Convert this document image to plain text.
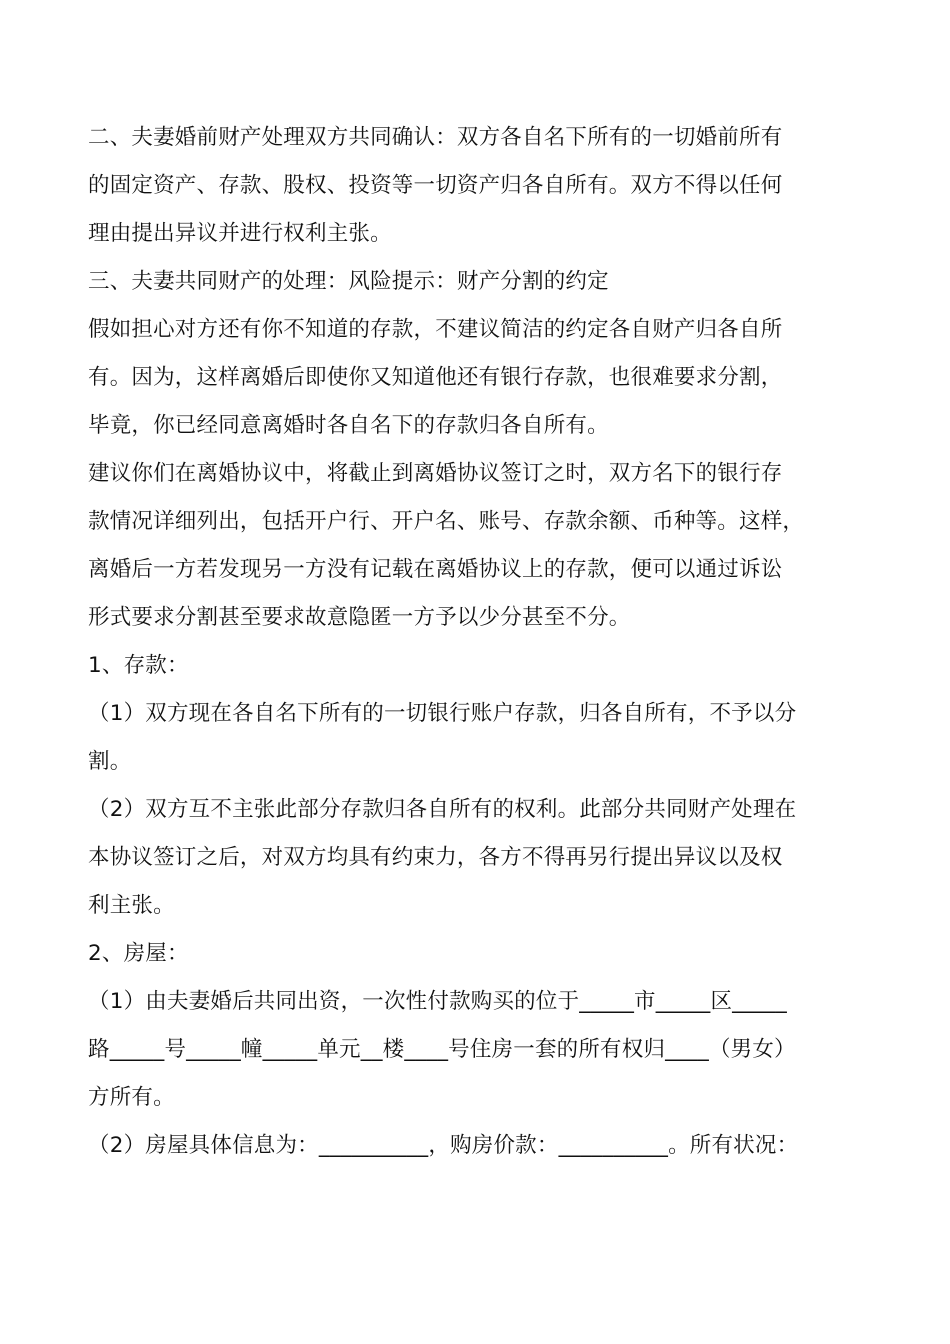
二、夫妻婚前财产处理双方共同确认：双方各自名下所有的一切婚前所有
的固定资产、存款、股权、投资等一切资产归各自所有。双方不得以任何
理由提出异议并进行权利主张。
三、夫妻共同财产的处理：风险提示：财产分割的约定
假如担心对方还有你不知道的存款，不建议简洁的约定各自财产归各自所
有。因为，这样离婚后即使你又知道他还有银行存款，也很难要求分割，
毕竟，你已经同意离婚时各自名下的存款归各自所有。
建议你们在离婚协议中，将截止到离婚协议签订之时，双方名下的银行存
款情况详细列出，包括开户行、开户名、账号、存款余额、币种等。这样，
离婚后一方若发现另一方没有记载在离婚协议上的存款，便可以通过诉讼
形式要求分割甚至要求故意隐匿一方予以少分甚至不分。
1、存款：
（1）双方现在各自名下所有的一切银行账户存款，归各自所有，不予以分
割。
（2）双方互不主张此部分存款归各自所有的权利。此部分共同财产处理在
本协议签订之后，对双方均具有约束力，各方不得再另行提出异议以及权
利主张。
2、房屋：
（1）由夫妻婚后共同出资，一次性付款购买的位于_____市_____区_____
路_____号_____幢_____单元__楼____号住房一套的所有权归____（男女）
方所有。
（2）房屋具体信息为：__________，购房价款：__________。所有状况：
